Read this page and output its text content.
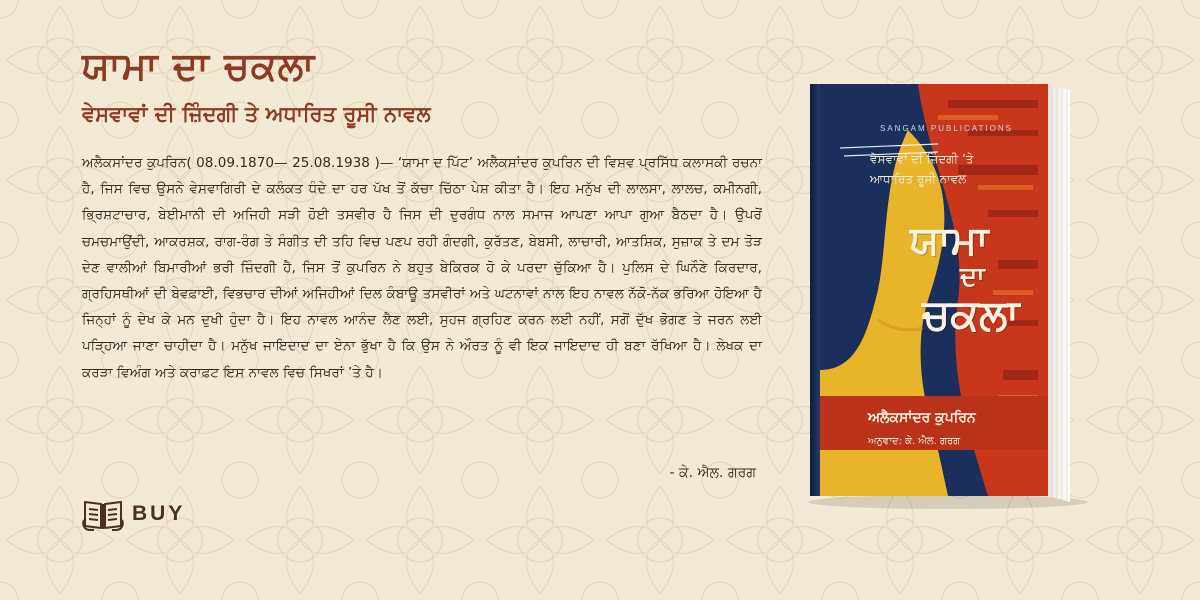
ਯਾਮਾ ਦਾ ਚਕਲਾ
ਵੇਸਵਾਵਾਂ ਦੀ ਜ਼ਿੰਦਗੀ ਤੇ ਅਧਾਰਿਤ ਰੂਸੀ ਨਾਵਲ

ਅਲੈਕਸਾਂਦਰ ਕੁਪਰਿਨ( 08.09.1870— 25.08.1938 )— ‘ਯਾਮਾ ਦ ਪਿੱਟ’ ਅਲੈਕਸਾਂਦਰ ਕੁਪਰਿਨ ਦੀ ਵਿਸ਼ਵ ਪ੍ਰਸਿੱਧ ਕਲਾਸਕੀ ਰਚਨਾ ਹੈ, ਜਿਸ ਵਿਚ ਉਸਨੇ ਵੇਸਵਾਗਿਰੀ ਦੇ ਕਲੰਕਤ ਧੰਦੇ ਦਾ ਹਰ ਪੱਖ ਤੋਂ ਕੱਚਾ ਚਿੱਠਾ ਪੇਸ਼ ਕੀਤਾ ਹੈ। ਇਹ ਮਨੁੱਖ ਦੀ ਲਾਲਸਾ, ਲਾਲਚ, ਕਮੀਨਗੀ, ਭ੍ਰਿਸ਼ਟਾਚਾਰ, ਬੇਈਮਾਨੀ ਦੀ ਅਜਿਹੀ ਸੜੀ ਹੋਈ ਤਸਵੀਰ ਹੈ ਜਿਸ ਦੀ ਦੁਰਗੰਧ ਨਾਲ ਸਮਾਜ ਆਪਣਾ ਆਪਾ ਗੁਆ ਬੈਠਦਾ ਹੈ। ਉਪਰੋਂ ਚਮਚਮਾਉਂਦੀ, ਆਕਰਸ਼ਕ, ਰਾਗ-ਰੰਗ ਤੇ ਸੰਗੀਤ ਦੀ ਤਹਿ ਵਿਚ ਪਣਪ ਰਹੀ ਗੰਦਗੀ, ਕੁਰੱਤਣ, ਬੇਬਸੀ, ਲਾਚਾਰੀ, ਆਤਸ਼ਿਕ, ਸੁਜ਼ਾਕ ਤੇ ਦਮ ਤੋੜ ਦੇਣ ਵਾਲੀਆਂ ਬਿਮਾਰੀਆਂ ਭਰੀ ਜ਼ਿੰਦਗੀ ਹੈ, ਜਿਸ ਤੋਂ ਕੁਪਰਿਨ ਨੇ ਬਹੁਤ ਬੇਕਿਰਕ ਹੋ ਕੇ ਪਰਦਾ ਚੁੱਕਿਆ ਹੈ। ਪੁਲਿਸ ਦੇ ਘਿਨੌਣੇ ਕਿਰਦਾਰ, ਗ੍ਰਹਿਸਥੀਆਂ ਦੀ ਬੇਵਫ਼ਾਈ, ਵਿਭਚਾਰ ਦੀਆਂ ਅਜਿਹੀਆਂ ਦਿਲ ਕੰਬਾਊ ਤਸਵੀਰਾਂ ਅਤੇ ਘਟਨਾਵਾਂ ਨਾਲ ਇਹ ਨਾਵਲ ਨੱਕੋ-ਨੱਕ ਭਰਿਆ ਹੋਇਆ ਹੈ ਜਿਨ੍ਹਾਂ ਨੂੰ ਦੇਖ ਕੇ ਮਨ ਦੁਖੀ ਹੁੰਦਾ ਹੈ। ਇਹ ਨਾਵਲ ਆਨੰਦ ਲੈਣ ਲਈ, ਸੁਹਜ ਗ੍ਰਹਿਣ ਕਰਨ ਲਈ ਨਹੀਂ, ਸਗੋਂ ਦੁੱਖ ਭੋਗਣ ਤੇ ਜਰਨ ਲਈ ਪੜ੍ਹਿਆ ਜਾਣਾ ਚਾਹੀਦਾ ਹੈ। ਮਨੁੱਖ ਜਾਇਦਾਦ ਦਾ ਏਨਾ ਭੁੱਖਾ ਹੈ ਕਿ ਉਸ ਨੇ ਔਰਤ ਨੂੰ ਵੀ ਇਕ ਜਾਇਦਾਦ ਹੀ ਬਣਾ ਰੱਖਿਆ ਹੈ। ਲੇਖਕ ਦਾ ਕਰੜਾ ਵਿਅੰਗ ਅਤੇ ਕਰਾਫ਼ਟ ਇਸ ਨਾਵਲ ਵਿਚ ਸਿਖਰਾਂ ’ਤੇ ਹੈ।

- ਕੇ. ਐਲ. ਗਰਗ
BUY
SANGAM PUBLICATIONS
ਵੇਸਵਾਵਾਂ ਦੀ ਜ਼ਿੰਦਗੀ ’ਤੇ
ਆਧਾਰਿਤ ਰੂਸੀ ਨਾਵਲ
ਯਾਮਾ
ਦਾ
ਚਕਲਾ
ਅਲੈਕਸਾਂਦਰ ਕੁਪਰਿਨ
ਅਨੁਵਾਦ: ਕੇ. ਐਲ. ਗਰਗ
